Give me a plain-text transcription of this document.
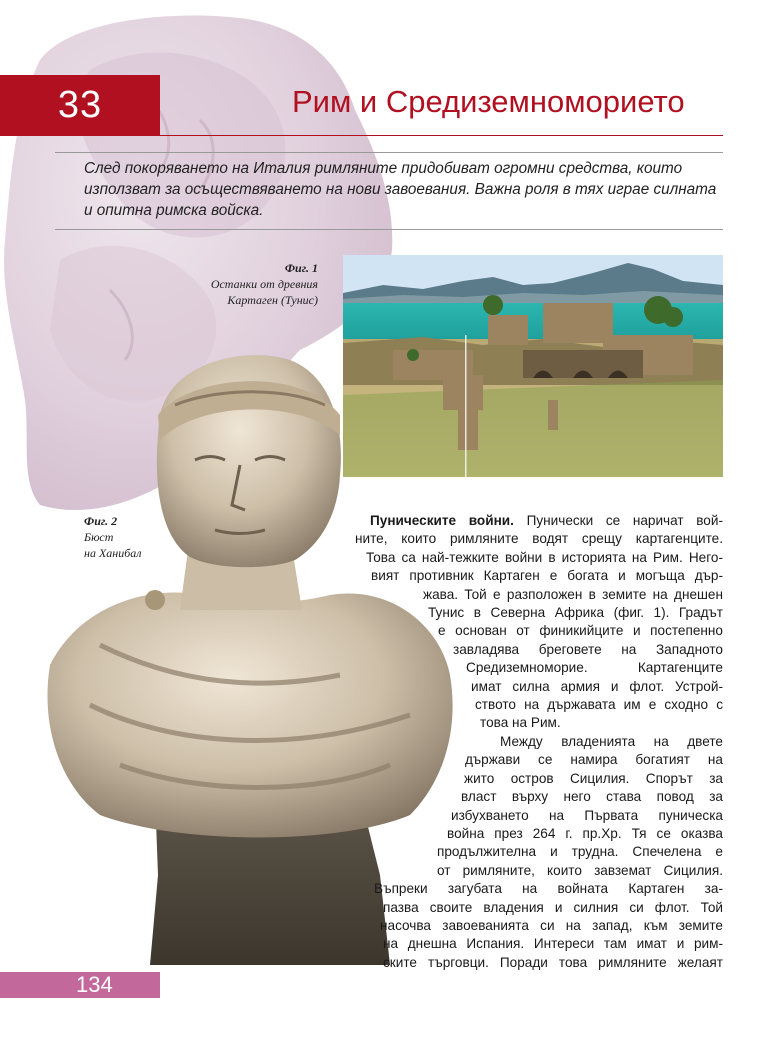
33	Рим и Средиземноморието

След покоряването на Италия римляните придобиват огромни средства, които използват за осъществяването на нови завоевания. Важна роля в тях играе силната и опитна римска войска.

Фиг. 1
Останки от древния
Картаген (Тунис)
Фиг. 2
Бюст
на Ханибал
Пуническите войни. Пунически се наричат вой-
ните, които римляните водят срещу картагенците.
Това са най-тежките войни в историята на Рим. Него-
вият противник Картаген е богата и могъща дър-
жава. Той е разположен в земите на днешен
Тунис в Северна Африка (фиг. 1). Градът
е основан от финикийците и постепенно
завладява бреговете на Западното
Средиземноморие. Картагенците
имат силна армия и флот. Устрой-
ството на държавата им е сходно с
това на Рим.
Между владенията на двете
държави се намира богатият на
жито остров Сицилия. Спорът за
власт върху него става повод за
избухването на Първата пуническа
война през 264 г. пр.Хр. Тя се оказва
продължителна и трудна. Спечелена е
от римляните, които завземат Сицилия.
Въпреки загубата на войната Картаген за-
пазва своите владения и силния си флот. Той
насочва завоеванията си на запад, към земите
на днешна Испания. Интереси там имат и рим-
ските търговци. Поради това римляните желаят
134
